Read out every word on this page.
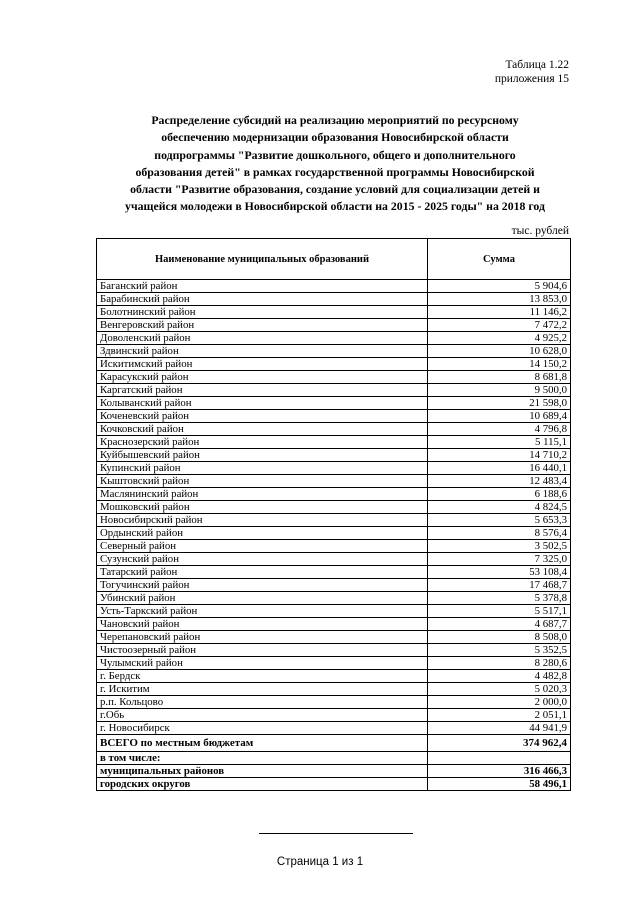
Таблица 1.22
приложения 15
Распределение субсидий на реализацию мероприятий по ресурсному
обеспечению модернизации образования Новосибирской области
подпрограммы "Развитие дошкольного, общего и дополнительного
образования детей" в рамках государственной программы Новосибирской
области "Развитие образования, создание условий для социализации детей и
учащейся молодежи в Новосибирской области на 2015 - 2025 годы" на 2018 год
тыс. рублей
Наименование муниципальных образований	Сумма
Баганский район	5 904,6
Барабинский район	13 853,0
Болотнинский район	11 146,2
Венгеровский район	7 472,2
Доволенский район	4 925,2
Здвинский район	10 628,0
Искитимский район	14 150,2
Карасукский район	8 681,8
Каргатский район	9 500,0
Колыванский район	21 598,0
Коченевский район	10 689,4
Кочковский район	4 796,8
Краснозерский район	5 115,1
Куйбышевский район	14 710,2
Купинский район	16 440,1
Кыштовский район	12 483,4
Маслянинский район	6 188,6
Мошковский район	4 824,5
Новосибирский район	5 653,3
Ордынский район	8 576,4
Северный район	3 502,5
Сузунский район	7 325,0
Татарский район	53 108,4
Тогучинский район	17 468,7
Убинский район	5 378,8
Усть-Таркский район	5 517,1
Чановский район	4 687,7
Черепановский район	8 508,0
Чистоозерный район	5 352,5
Чулымский район	8 280,6
г. Бердск	4 482,8
г. Искитим	5 020,3
р.п. Кольцово	2 000,0
г.Обь	2 051,1
г. Новосибирск	44 941,9
ВСЕГО по местным бюджетам	374 962,4
в том числе:	
муниципальных районов	316 466,3
городских округов	58 496,1
Страница 1 из 1
